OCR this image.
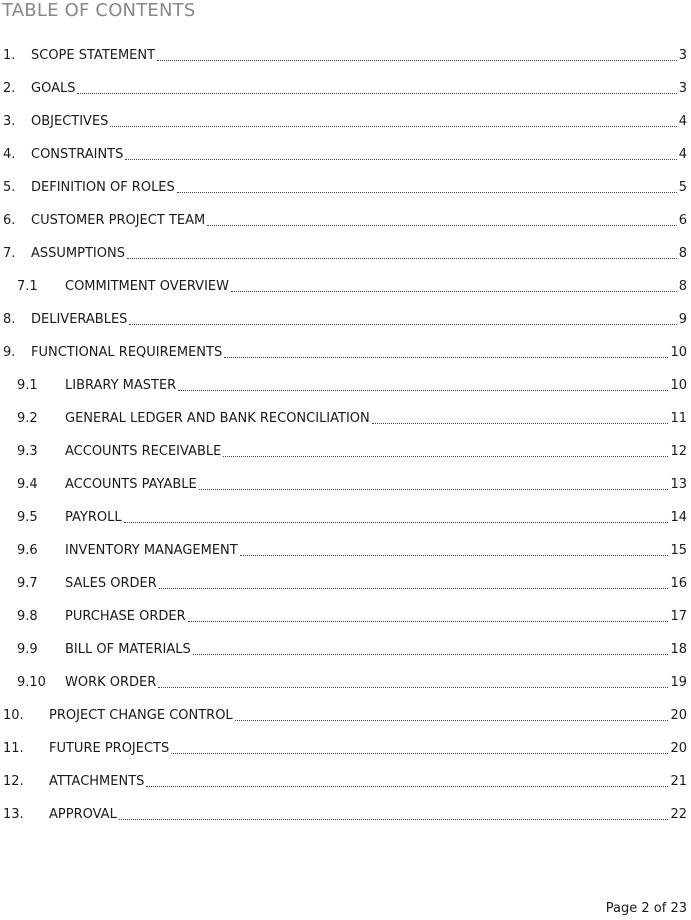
TABLE OF CONTENTS
1. SCOPE STATEMENT	3
2. GOALS	3
3. OBJECTIVES	4
4. CONSTRAINTS	4
5. DEFINITION OF ROLES	5
6. CUSTOMER PROJECT TEAM	6
7. ASSUMPTIONS	8
7.1 COMMITMENT OVERVIEW	8
8. DELIVERABLES	9
9. FUNCTIONAL REQUIREMENTS	10
9.1 LIBRARY MASTER	10
9.2 GENERAL LEDGER AND BANK RECONCILIATION	11
9.3 ACCOUNTS RECEIVABLE	12
9.4 ACCOUNTS PAYABLE	13
9.5 PAYROLL	14
9.6 INVENTORY MANAGEMENT	15
9.7 SALES ORDER	16
9.8 PURCHASE ORDER	17
9.9 BILL OF MATERIALS	18
9.10 WORK ORDER	19
10. PROJECT CHANGE CONTROL	20
11. FUTURE PROJECTS	20
12. ATTACHMENTS	21
13. APPROVAL	22
Page 2 of 23
